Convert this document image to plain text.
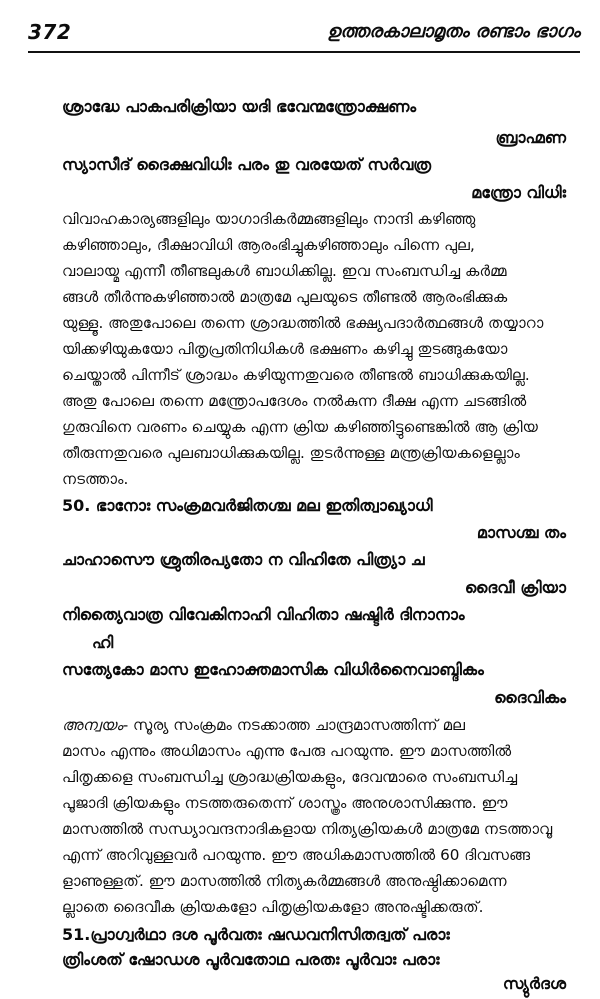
372	ഉത്തരകാലാമൃതം രണ്ടാം ഭാഗം
ശ്രാദ്ധേ പാകപരിക്രിയാ യദി ഭവേന്മന്ത്രോക്ഷണം
ബ്രാഹ്മണ
സ്യാസീദ് ദൈക്ഷവിധിഃ പരം തു വരയേത് സർവത്ര
മന്ത്രോ വിധിഃ
വിവാഹകാര്യങ്ങളിലും യാഗാദികർമ്മങ്ങളിലും നാന്ദി കഴിഞ്ഞു
കഴിഞ്ഞാലും, ദീക്ഷാവിധി ആരംഭിച്ചുകഴിഞ്ഞാലും പിന്നെ പുല,
വാലായ്മ എന്നീ തീണ്ടലുകൾ ബാധിക്കില്ല. ഇവ സംബന്ധിച്ച കർമ്മ
ങ്ങൾ തീർന്നുകഴിഞ്ഞാൽ മാത്രമേ പുലയുടെ തീണ്ടൽ ആരംഭിക്കുക
യുള്ളൂ. അതുപോലെ തന്നെ ശ്രാദ്ധത്തിൽ ഭക്ഷ്യപദാർത്ഥങ്ങൾ തയ്യാറാ
യിക്കഴിയുകയോ പിതൃപ്രതിനിധികൾ ഭക്ഷണം കഴിച്ചു തുടങ്ങുകയോ
ചെയ്താൽ പിന്നീട് ശ്രാദ്ധം കഴിയുന്നതുവരെ തീണ്ടൽ ബാധിക്കുകയില്ല.
അതു പോലെ തന്നെ മന്ത്രോപദേശം നൽകുന്ന ദീക്ഷ എന്ന ചടങ്ങിൽ
ഗുരുവിനെ വരണം ചെയ്യുക എന്ന ക്രിയ കഴിഞ്ഞിട്ടുണ്ടെങ്കിൽ ആ ക്രിയ
തീരുന്നതുവരെ പുലബാധിക്കുകയില്ല. തുടർന്നുള്ള മന്ത്രക്രിയകളെല്ലാം
നടത്താം.
50. ഭാനോഃ സംക്രമവർജിതശ്ച മല ഇതിത്വാഖ്യാധി
മാസശ്ച തം
ചാഹാസൌ ശ്രുതിരപ്യതോ ന വിഹിതേ പിത്ര്യാ ച
ദൈവീ ക്രിയാ
നിത്യൈവാത്ര വിവേകിനാഹി വിഹിതാ ഷഷ്ടിർ ദിനാനാം
ഹി
സത്യേകോ മാസ ഇഹോക്തമാസിക വിധിർനൈവാബ്ദികം
ദൈവികം
അന്വയം- സൂര്യ സംക്രമം നടക്കാത്ത ചാന്ദ്രമാസത്തിന്ന് മല
മാസം എന്നും അധിമാസം എന്നു പേരു പറയുന്നു. ഈ മാസത്തിൽ
പിതൃക്കളെ സംബന്ധിച്ച ശ്രാദ്ധക്രിയകളും, ദേവന്മാരെ സംബന്ധിച്ച
പൂജാദി ക്രിയകളും നടത്തരുതെന്ന് ശാസ്ത്രം അനുശാസിക്കുന്നു. ഈ
മാസത്തിൽ സന്ധ്യാവന്ദനാദികളായ നിത്യക്രിയകൾ മാത്രമേ നടത്താവൂ
എന്ന് അറിവുള്ളവർ പറയുന്നു. ഈ അധികമാസത്തിൽ 60 ദിവസങ്ങ
ളാണുള്ളത്. ഈ മാസത്തിൽ നിത്യകർമ്മങ്ങൾ അനുഷ്ഠിക്കാമെന്ന
ല്ലാതെ ദൈവീക ക്രിയകളോ പിതൃക്രിയകളോ അനുഷ്ടിക്കരുത്.
51.പ്രാഗ്വർഥാ ദശ പൂർവതഃ ഷഡവനിസിതദ്വത് പരാഃ
ത്രിംശത് ഷോഡശ പൂർവതോഥ പരതഃ പൂർവാഃ പരാഃ
സ്യുർദശ
